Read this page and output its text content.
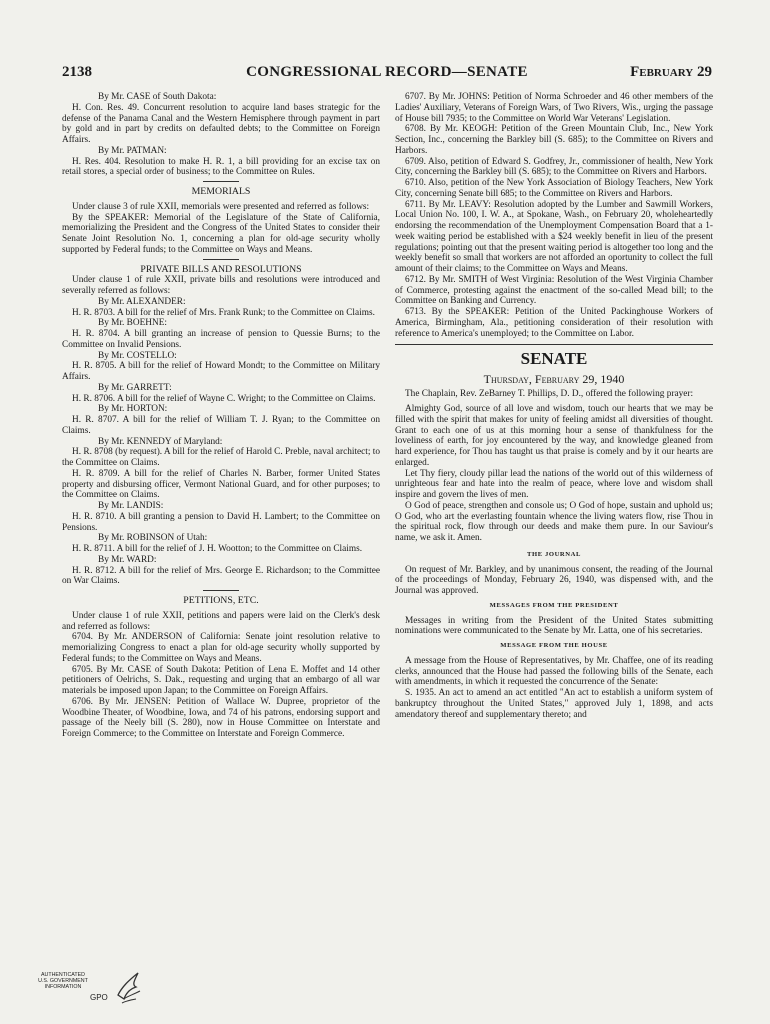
2138	CONGRESSIONAL RECORD—SENATE	February 29

By Mr. CASE of South Dakota:

H. Con. Res. 49. Concurrent resolution to acquire land bases strategic for the defense of the Panama Canal and the Western Hemisphere through payment in part by gold and in part by credits on defaulted debts; to the Committee on Foreign Affairs.

By Mr. PATMAN:

H. Res. 404. Resolution to make H. R. 1, a bill providing for an excise tax on retail stores, a special order of business; to the Committee on Rules.

MEMORIALS

Under clause 3 of rule XXII, memorials were presented and referred as follows:

By the SPEAKER: Memorial of the Legislature of the State of California, memorializing the President and the Congress of the United States to consider their Senate Joint Resolution No. 1, concerning a plan for old-age security wholly supported by Federal funds; to the Committee on Ways and Means.

PRIVATE BILLS AND RESOLUTIONS

Under clause 1 of rule XXII, private bills and resolutions were introduced and severally referred as follows:

By Mr. ALEXANDER:

H. R. 8703. A bill for the relief of Mrs. Frank Runk; to the Committee on Claims.

By Mr. BOEHNE:

H. R. 8704. A bill granting an increase of pension to Quessie Burns; to the Committee on Invalid Pensions.

By Mr. COSTELLO:

H. R. 8705. A bill for the relief of Howard Mondt; to the Committee on Military Affairs.

By Mr. GARRETT:

H. R. 8706. A bill for the relief of Wayne C. Wright; to the Committee on Claims.

By Mr. HORTON:

H. R. 8707. A bill for the relief of William T. J. Ryan; to the Committee on Claims.

By Mr. KENNEDY of Maryland:

H. R. 8708 (by request). A bill for the relief of Harold C. Preble, naval architect; to the Committee on Claims.

H. R. 8709. A bill for the relief of Charles N. Barber, former United States property and disbursing officer, Vermont National Guard, and for other purposes; to the Committee on Claims.

By Mr. LANDIS:

H. R. 8710. A bill granting a pension to David H. Lambert; to the Committee on Pensions.

By Mr. ROBINSON of Utah:

H. R. 8711. A bill for the relief of J. H. Wootton; to the Committee on Claims.

By Mr. WARD:

H. R. 8712. A bill for the relief of Mrs. George E. Richardson; to the Committee on War Claims.

PETITIONS, ETC.

Under clause 1 of rule XXII, petitions and papers were laid on the Clerk's desk and referred as follows:

6704. By Mr. ANDERSON of California: Senate joint resolution relative to memorializing Congress to enact a plan for old-age security wholly supported by Federal funds; to the Committee on Ways and Means.

6705. By Mr. CASE of South Dakota: Petition of Lena E. Moffet and 14 other petitioners of Oelrichs, S. Dak., requesting and urging that an embargo of all war materials be imposed upon Japan; to the Committee on Foreign Affairs.

6706. By Mr. JENSEN: Petition of Wallace W. Dupree, proprietor of the Woodbine Theater, of Woodbine, Iowa, and 74 of his patrons, endorsing support and passage of the Neely bill (S. 280), now in House Committee on Interstate and Foreign Commerce; to the Committee on Interstate and Foreign Commerce.

6707. By Mr. JOHNS: Petition of Norma Schroeder and 46 other members of the Ladies' Auxiliary, Veterans of Foreign Wars, of Two Rivers, Wis., urging the passage of House bill 7935; to the Committee on World War Veterans' Legislation.

6708. By Mr. KEOGH: Petition of the Green Mountain Club, Inc., New York Section, Inc., concerning the Barkley bill (S. 685); to the Committee on Rivers and Harbors.

6709. Also, petition of Edward S. Godfrey, Jr., commissioner of health, New York City, concerning the Barkley bill (S. 685); to the Committee on Rivers and Harbors.

6710. Also, petition of the New York Association of Biology Teachers, New York City, concerning Senate bill 685; to the Committee on Rivers and Harbors.

6711. By Mr. LEAVY: Resolution adopted by the Lumber and Sawmill Workers, Local Union No. 100, I. W. A., at Spokane, Wash., on February 20, wholeheartedly endorsing the recommendation of the Unemployment Compensation Board that a 1-week waiting period be established with a $24 weekly benefit in lieu of the present regulations; pointing out that the present waiting period is altogether too long and the weekly benefit so small that workers are not afforded an oportunity to collect the full amount of their claims; to the Committee on Ways and Means.

6712. By Mr. SMITH of West Virginia: Resolution of the West Virginia Chamber of Commerce, protesting against the enactment of the so-called Mead bill; to the Committee on Banking and Currency.

6713. By the SPEAKER: Petition of the United Packinghouse Workers of America, Birmingham, Ala., petitioning consideration of their resolution with reference to America's unemployed; to the Committee on Labor.

SENATE

Thursday, February 29, 1940

The Chaplain, Rev. ZeBarney T. Phillips, D. D., offered the following prayer:

Almighty God, source of all love and wisdom, touch our hearts that we may be filled with the spirit that makes for unity of feeling amidst all diversities of thought. Grant to each one of us at this morning hour a sense of thankfulness for the loveliness of earth, for joy encountered by the way, and knowledge gleaned from hard experience, for Thou has taught us that praise is comely and by it our hearts are enlarged.

Let Thy fiery, cloudy pillar lead the nations of the world out of this wilderness of unrighteous fear and hate into the realm of peace, where love and wisdom shall inspire and govern the lives of men.

O God of peace, strengthen and console us; O God of hope, sustain and uphold us; O God, who art the everlasting fountain whence the living waters flow, rise Thou in the spiritual rock, flow through our deeds and make them pure. In our Saviour's name, we ask it. Amen.

THE JOURNAL

On request of Mr. Barkley, and by unanimous consent, the reading of the Journal of the proceedings of Monday, February 26, 1940, was dispensed with, and the Journal was approved.

MESSAGES FROM THE PRESIDENT

Messages in writing from the President of the United States submitting nominations were communicated to the Senate by Mr. Latta, one of his secretaries.

MESSAGE FROM THE HOUSE

A message from the House of Representatives, by Mr. Chaffee, one of its reading clerks, announced that the House had passed the following bills of the Senate, each with amendments, in which it requested the concurrence of the Senate:

S. 1935. An act to amend an act entitled "An act to establish a uniform system of bankruptcy throughout the United States," approved July 1, 1898, and acts amendatory thereof and supplementary thereto; and

AUTHENTICATED
U.S. GOVERNMENT
INFORMATION
GPO
